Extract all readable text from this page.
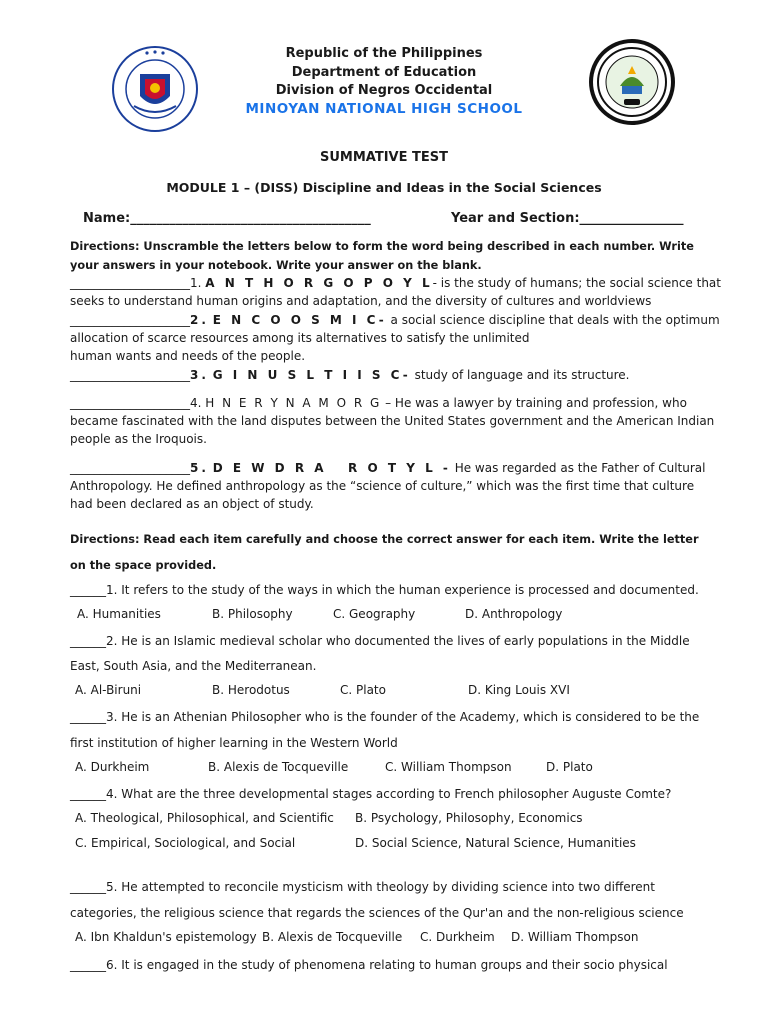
Republic of the Philippines
Department of Education
Division of Negros Occidental
MINOYAN NATIONAL HIGH SCHOOL
SUMMATIVE TEST
MODULE 1 – (DISS) Discipline and Ideas in the Social Sciences
Name:_____________________________________	Year and Section:________________
Directions: Unscramble the letters below to form the word being described in each number. Write
your answers in your notebook. Write your answer on the blank.
____________________1. A N T H O R G O P O Y L- is the study of humans; the social science that
seeks to understand human origins and adaptation, and the diversity of cultures and worldviews
____________________2. E N C O O S M I C- a social science discipline that deals with the optimum
allocation of scarce resources among its alternatives to satisfy the unlimited
human wants and needs of the people.
____________________3. G I N U S L T I I S C- study of language and its structure.
____________________4. H N E R Y N A M O R G – He was a lawyer by training and profession, who
became fascinated with the land disputes between the United States government and the American Indian
people as the Iroquois.
____________________5. D E W D R A   R O T Y L - He was regarded as the Father of Cultural
Anthropology. He defined anthropology as the “science of culture,” which was the first time that culture
had been declared as an object of study.
Directions: Read each item carefully and choose the correct answer for each item. Write the letter
on the space provided.
______1. It refers to the study of the ways in which the human experience is processed and documented.
A. Humanities	B. Philosophy	C. Geography	D. Anthropology
______2. He is an Islamic medieval scholar who documented the lives of early populations in the Middle
East, South Asia, and the Mediterranean.
A. Al-Biruni	B. Herodotus	C. Plato	D. King Louis XVI
______3. He is an Athenian Philosopher who is the founder of the Academy, which is considered to be the
first institution of higher learning in the Western World
A. Durkheim	B. Alexis de Tocqueville	C. William Thompson	D. Plato
______4. What are the three developmental stages according to French philosopher Auguste Comte?
A. Theological, Philosophical, and Scientific B. Psychology, Philosophy, Economics
C. Empirical, Sociological, and Social	D. Social Science, Natural Science, Humanities
______5. He attempted to reconcile mysticism with theology by dividing science into two different
categories, the religious science that regards the sciences of the Qur'an and the non-religious science
A. Ibn Khaldun's epistemology B. Alexis de Tocqueville C. Durkheim D. William Thompson
______6. It is engaged in the study of phenomena relating to human groups and their socio physical
